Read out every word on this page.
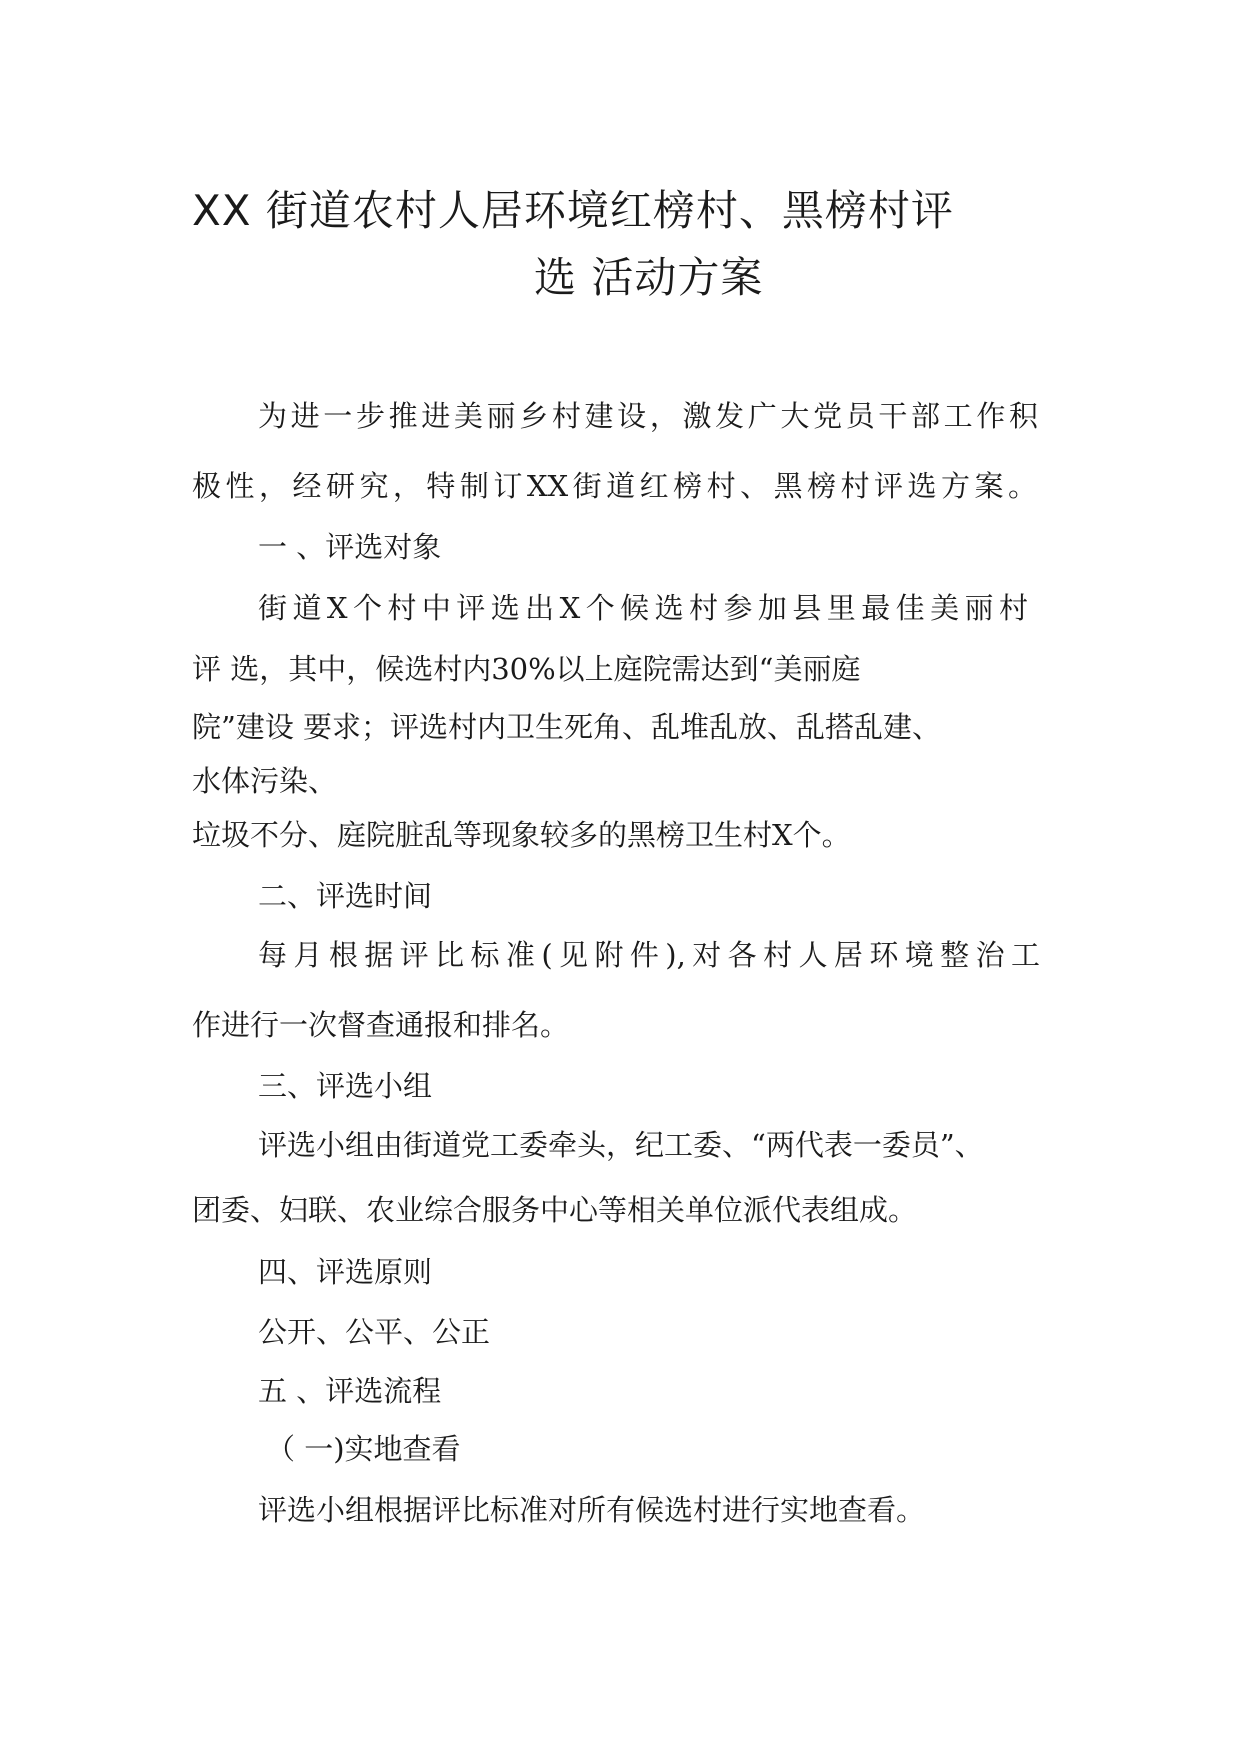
XX 街道农村人居环境红榜村、黑榜村评
选 活动方案

为进一步推进美丽乡村建设，激发广大党员干部工作积

极性，经研究，特制订XX街道红榜村、黑榜村评选方案。

一 、评选对象

街道X个村中评选出X个候选村参加县里最佳美丽村

评 选，其中，候选村内30%以上庭院需达到“美丽庭

院”建设 要求；评选村内卫生死角、乱堆乱放、乱搭乱建、

水体污染、

垃圾不分、庭院脏乱等现象较多的黑榜卫生村X个。

二、评选时间

每月根据评比标准(见附件),对各村人居环境整治工

作进行一次督查通报和排名。

三、评选小组

评选小组由街道党工委牵头，纪工委、“两代表一委员”、

团委、妇联、农业综合服务中心等相关单位派代表组成。

四、评选原则

公开、公平、公正

五 、评选流程

（ 一)实地查看

评选小组根据评比标准对所有候选村进行实地查看。
